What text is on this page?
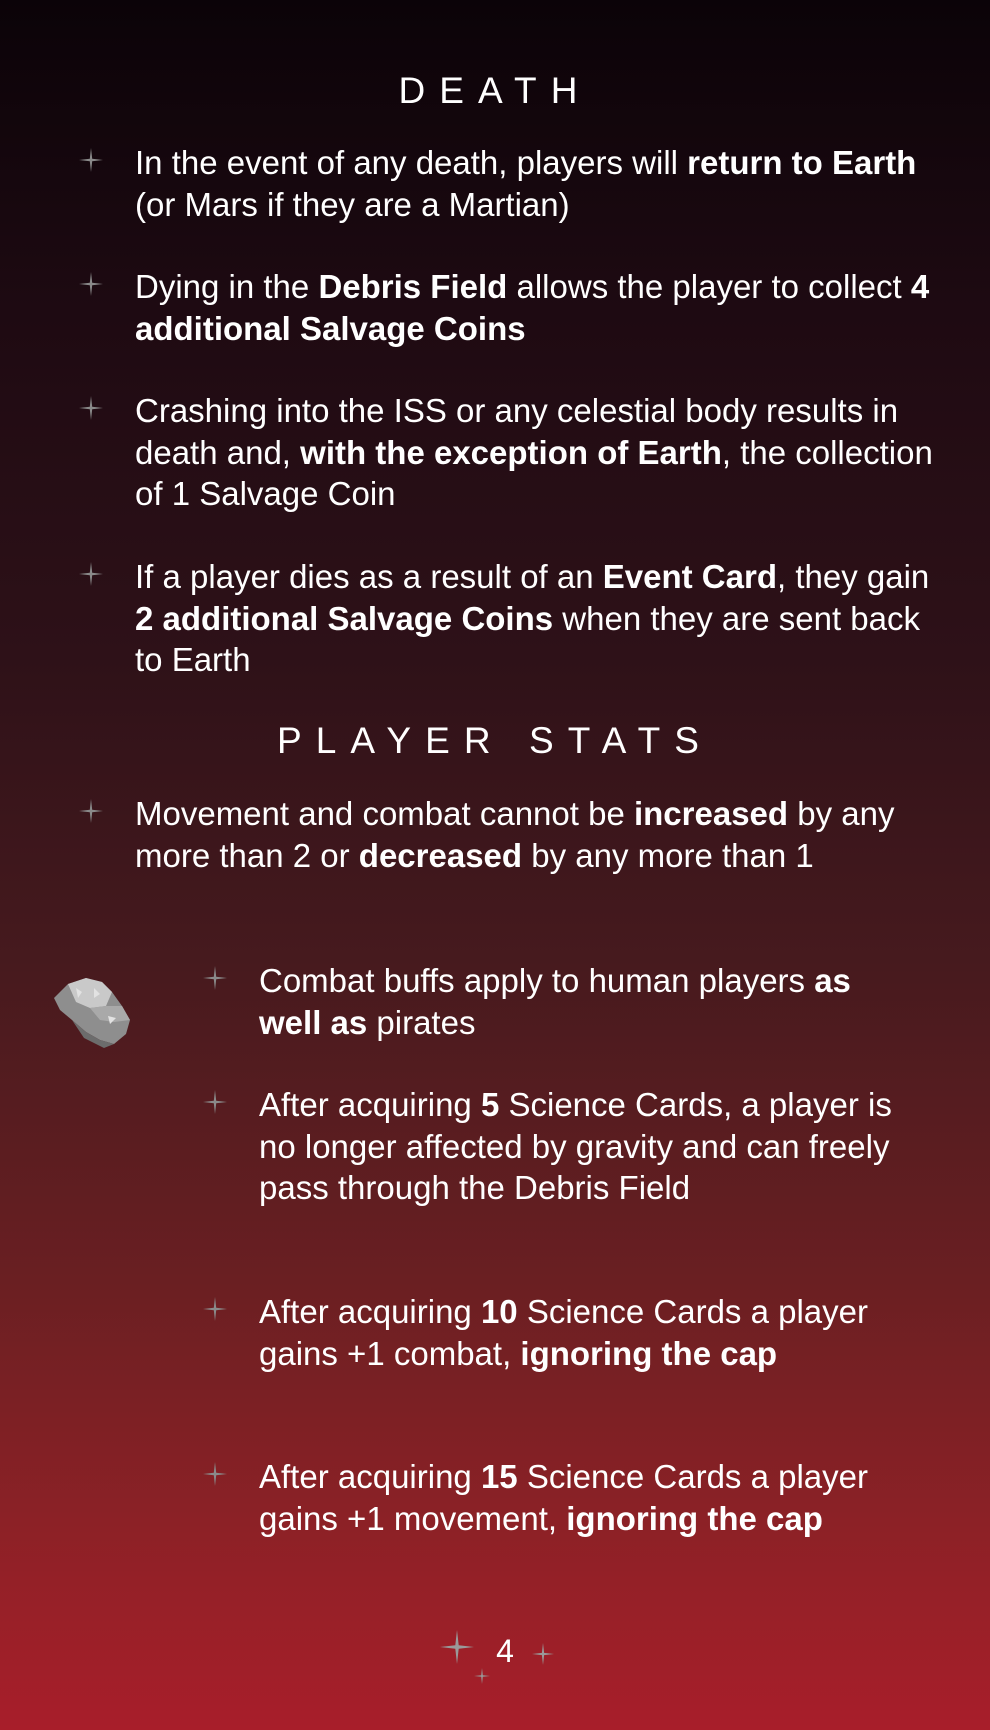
DEATH
In the event of any death, players will return to Earth (or Mars if they are a Martian)
Dying in the Debris Field allows the player to collect 4 additional Salvage Coins
Crashing into the ISS or any celestial body results in death and, with the exception of Earth, the collection of 1 Salvage Coin
If a player dies as a result of an Event Card, they gain 2 additional Salvage Coins when they are sent back to Earth
PLAYER STATS
Movement and combat cannot be increased by any more than 2 or decreased by any more than 1
Combat buffs apply to human players as well as pirates
After acquiring 5 Science Cards, a player is no longer affected by gravity and can freely pass through the Debris Field
After acquiring 10 Science Cards a player gains +1 combat, ignoring the cap
After acquiring 15 Science Cards a player gains +1 movement, ignoring the cap
4
